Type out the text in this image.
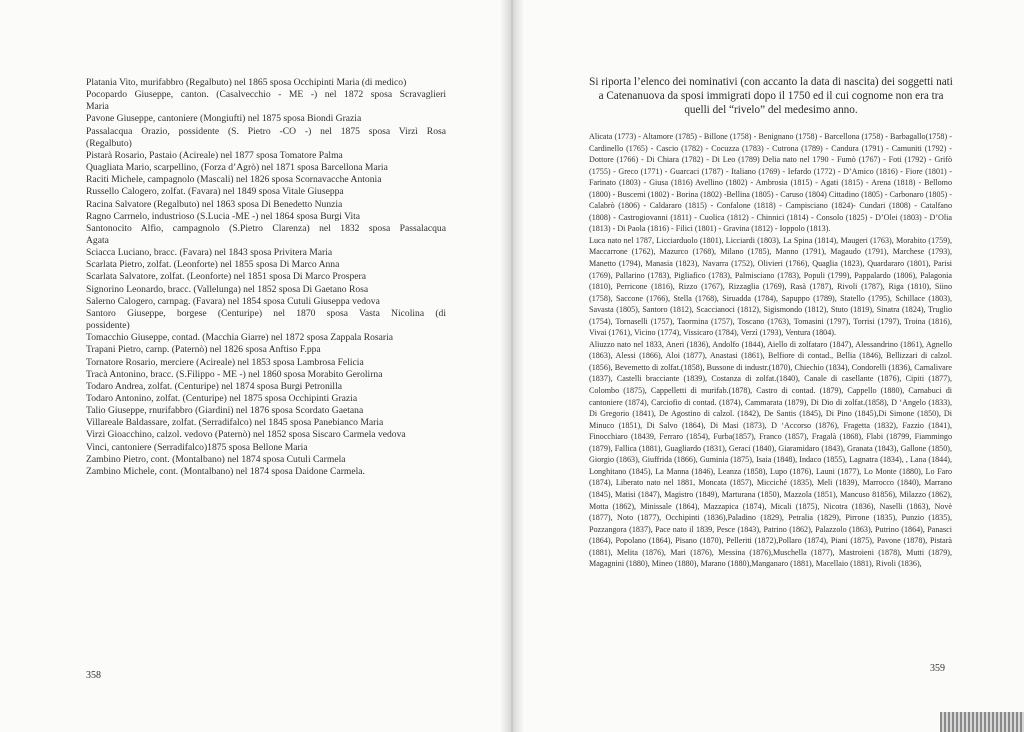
Platania Vito, murifabbro (Regalbuto) nel 1865 sposa Occhipinti Maria (di medico)
Pocopardo Giuseppe, canton. (Casalvecchio - ME -) nel 1872 sposa Scravaglieri
Maria
Pavone Giuseppe, cantoniere (Mongiufti) nel 1875 sposa Biondi Grazia
Passalacqua Orazio, possidente (S. Pietro -CO -) nel 1875 sposa Virzì Rosa
(Regalbuto)
Pistarà Rosario, Pastaio (Acireale) nel 1877 sposa Tomatore Palma
Quagliata Mario, scarpellino, (Forza d’Agrò) nel 1871 sposa Barcellona Maria
Raciti Michele, campagnolo (Mascali) nel 1826 sposa Scornavacche Antonia
Russello Calogero, zolfat. (Favara) nel 1849 sposa Vitale Giuseppa
Racina Salvatore (Regalbuto) nel 1863 sposa Di Benedetto Nunzia
Ragno Carrnelo, industrioso (S.Lucia -ME -) nel 1864 sposa Burgi Vita
Santonocito Alfio, campagnolo (S.Pietro Clarenza) nel 1832 sposa Passalacqua
Agata
Sciacca Luciano, bracc. (Favara) nel 1843 sposa Privitera Maria
Scarlata Pietro, zolfat. (Leonforte) nel 1855 sposa Di Marco Anna
Scarlata Salvatore, zolfat. (Leonforte) nel 1851 sposa Di Marco Prospera
Signorino Leonardo, bracc. (Vallelunga) nel 1852 sposa Di Gaetano Rosa
Salerno Calogero, carnpag. (Favara) nel 1854 sposa Cutuli Giuseppa vedova
Santoro Giuseppe, borgese (Centuripe) nel 1870 sposa Vasta Nicolina (di
possidente)
Tomacchio Giuseppe, contad. (Macchia Giarre) nel 1872 sposa Zappala Rosaria
Trapani Pietro, carnp. (Paternò) nel 1826 sposa Anftiso F.ppa
Tornatore Rosario, merciere (Acireale) nel 1853 sposa Lambrosa Felicia
Tracà Antonino, bracc. (S.Filippo - ME -) nel 1860 sposa Morabito Gerolirna
Todaro Andrea, zolfat. (Centuripe) nel 1874 sposa Burgi Petronilla
Todaro Antonino, zolfat. (Centuripe) nel 1875 sposa Occhipinti Grazia
Talio Giuseppe, rnurifabbro (Giardini) nel 1876 sposa Scordato Gaetana
Villareale Baldassare, zolfat. (Serradifalco) nel 1845 sposa Panebianco Maria
Virzì Gioacchino, calzol. vedovo (Paternò) nel 1852 sposa Siscaro Carmela vedova
Vinci, cantoniere (Serradifalco)1875 sposa Bellone Maria
Zambino Pietro, cont. (Montalbano) nel 1874 sposa Cutuli Carmela
Zambino Michele, cont. (Montalbano) nel 1874 sposa Daidone Carmela.
358
Si riporta l’elenco dei nominativi (con accanto la data di nascita) dei soggetti nati a Catenanuova da sposi immigrati dopo il 1750 ed il cui cognome non era tra quelli del “rivelo” del medesimo anno.

Alicata (1773) - Altamore (1785) - Billone (1758) - Benignano (1758) - Barcellona (1758) - Barbagallo(1758) - Cardinello (1765) - Cascio (1782) - Cocuzza (1783) - Cutrona (1789) - Candura (1791) - Camuniti (1792) - Dottore (1766) - Di Chiara (1782) - Di Leo (1789) Delia nato nel 1790 - Fumò (1767) - Foti (1792) - Grifò (1755) - Greco (1771) - Guarcaci (1787) - Italiano (1769) - Iefardo (1772) - D’Amico (1816) - Fiore (1801) - Farinato (1803) - Giusa (1816) Avellino (1802) - Ambrosia (1815) - Agati (1815) - Arena (1818) - Bellomo (1800) - Buscemi (1802) - Borina (1802) -Bellina (1805) - Caruso (1804) Cittadino (1805) - Carbonaro (1805) - Calabrò (1806) - Caldararo (1815) - Confalone (1818) - Campisciano (1824)- Cundari (1808) - Catalfano (1808) - Castrogiovanni (1811) - Cuolica (1812) - Chinnici (1814) - Consolo (1825) - D’Olei (1803) - D’Olia (1813) - Di Paola (1816) - Filici (1801) - Gravina (1812) - Ioppolo (1813).

Luca nato nel 1787, Licciarduolo (1801), Licciardi (1803), La Spina (1814), Maugeri (1763), Morabito (1759), Maccarrone (1762), Mazurco (1768), Milano (1785), Manno (1791), Magaudo (1791), Marchese (1793), Manetto (1794), Manasia (1823), Navarra (1752), Olivieri (1766), Quaglia (1823), Quardararo (1801), Parisi (1769), Pallarino (1783), Pigliafico (1783), Palmisciano (1783), Populi (1799), Pappalardo (1806), Palagonia (1810), Perricone (1816), Rizzo (1767), Rizzaglia (1769), Rasà (1787), Rivoli (1787), Riga (1810), Siino (1758), Saccone (1766), Stella (1768), Siruadda (1784), Sapuppo (1789), Statello (1795), Schillace (1803), Savasta (1805), Santoro (1812), Scaccianoci (1812), Sigismondo (1812), Stuto (1819), Sinatra (1824), Truglio (1754), Tornaselli (1757), Taormina (1757), Toscano (1763), Tomasini (1797), Torrisi (1797), Troina (1816), Vivai (1761), Vicino (1774), Vissicaro (1784), Verzì (1793), Ventura (1804).

Aliuzzo nato nel 1833, Aneri (1836), Andolfo (1844), Aiello di zolfataro (1847), Alessandrino (1861), Agnello (1863), Alessi (1866), Aloi (1877), Anastasi (1861), Belfiore di contad., Bellia (1846), Bellizzari di calzol.(1856), Bevemetto di zolfat.(1858), Bussone di industr.(1870), Chiechio (1834), Condorelli (1836), Carnalivare (1837), Castelli bracciante (1839), Costanza di zolfat.(1840), Canale di casellante (1876), Cipiti (1877), Colombo (1875), Cappelletti di murifab.(1878), Castro di contad. (1879), Cappello (1880), Carnabuci di cantoniere (1874), Carciofio di contad. (1874), Cammarata (1879), Di Dio di zolfat.(1858), D ‘Angelo (1833), Di Gregorio (1841), De Agostino di calzol. (1842), De Santis (1845), Di Pino (1845),Di Simone (1850), Di Minuco (1851), Di Salvo (1864), Di Masi (1873), D ‘Accorso (1876), Fragetta (1832), Fazzio (1841), Finocchiaro (18439, Ferraro (1854), Furba(1857), Franco (1857), Fragalà (1868), Flabi (18799, Fiammingo (1879), Fallica (1881), Guagliardo (1831), Geraci (1840), Giaramidaro (1843), Granata (1843), Gallone (1850), Giorgio (1863), Giuffrida (1866), Guminia (1875), Isaia (1848), Indaco (1855), Lagnatra (1834), , Lana (1844), Longhitano (1845), La Manna (1846), Leanza (1858), Lupo (1876), Launi (1877), Lo Monte (1880), Lo Faro (1874), Liberato nato nel 1881, Moncata (1857), Micciché (1835), Meli (1839), Marrocco (1840), Marrano (1845), Matisi (1847), Magistro (1849), Marturana (1850), Mazzola (1851), Mancuso 81856), Milazzo (1862), Motta (1862), Minissale (1864), Mazzapica (1874), Micali (1875), Nicotra (1836), Naselli (1863), Novè (1877), Noto (1877), Occhipinti (1836),Paladino (1829), Petralia (1829), Pirrone (1835), Punzio (1835), Pozzangora (1837), Pace nato il 1839, Pesce (1843), Patrino (1862), Palazzolo (1863), Putrino (1864), Panasci (1864), Popolano (1864), Pisano (1870), Pelleriti (1872),Pollaro (1874), Piani (1875), Pavone (1878), Pistarà (1881), Melita (1876), Mari (1876), Messina (1876),Muschella (1877), Mastroieni (1878), Mutti (1879), Magagnini (1880), Mineo (1880), Marano (1880),Manganaro (1881), Macellaio (1881), Rivoli (1836),

359
